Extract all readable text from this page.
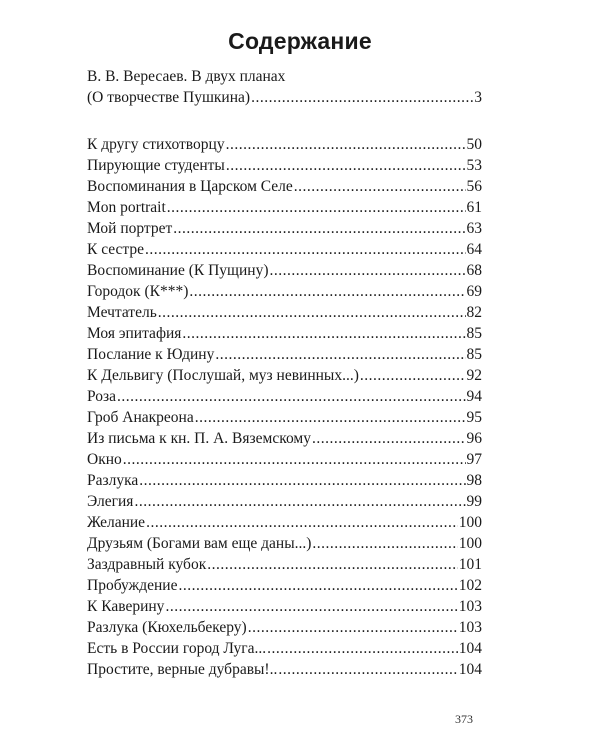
Содержание
В. В. Вересаев. В двух планах
(О творчестве Пушкина) .....	3
К другу стихотворцу .....	50
Пирующие студенты .....	53
Воспоминания в Царском Селе .....	56
Mon portrait .....	61
Мой портрет .....	63
К сестре .....	64
Воспоминание (К Пущину) .....	68
Городок (К***) .....	69
Мечтатель .....	82
Моя эпитафия .....	85
Послание к Юдину .....	85
К Дельвигу (Послушай, муз невинных...) .....	92
Роза .....	94
Гроб Анакреона .....	95
Из письма к кн. П. А. Вяземскому .....	96
Окно .....	97
Разлука .....	98
Элегия .....	99
Желание .....	100
Друзьям (Богами вам еще даны...) .....	100
Заздравный кубок .....	101
Пробуждение .....	102
К Каверину .....	103
Разлука (Кюхельбекеру) .....	103
Есть в России город Луга... .....	104
Простите, верные дубравы!.. .....	104
373
